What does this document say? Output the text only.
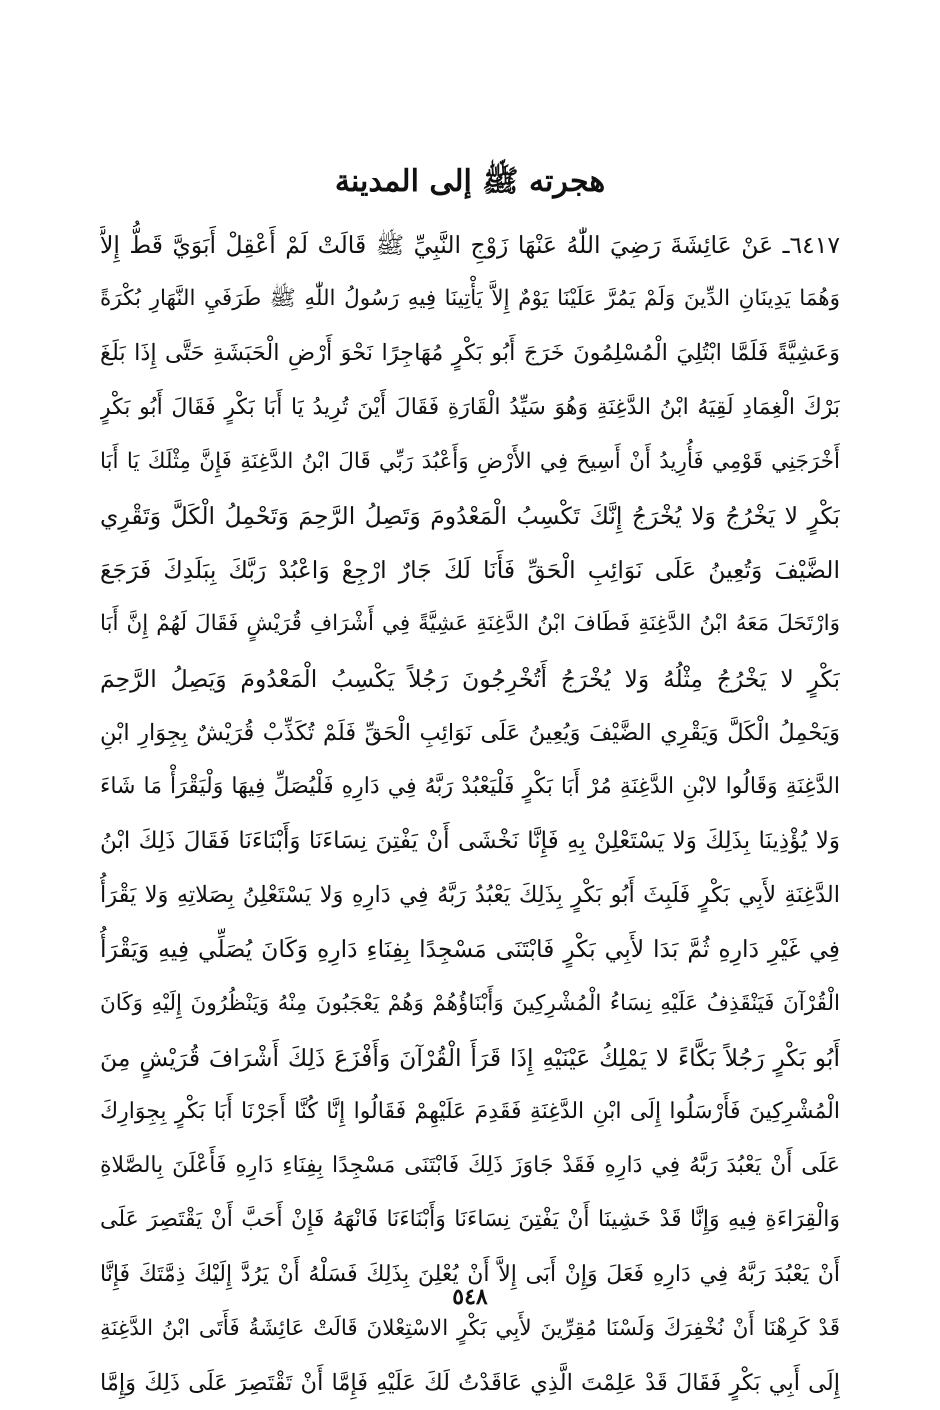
هجرته ﷺ إلى المدينة
٦٤١٧ـ عَنْ عَائِشَةَ رَضِيَ اللّٰهُ عَنْهَا زَوْجِ النَّبِيِّ ﷺ قَالَتْ لَمْ أَعْقِلْ أَبَوَيَّ قَطُّ إِلاَّ
وَهُمَا يَدِينَانِ الدِّينَ وَلَمْ يَمُرَّ عَلَيْنَا يَوْمٌ إِلاَّ يَأْتِينَا فِيهِ رَسُولُ اللّٰهِ ﷺ طَرَفَيِ النَّهَارِ بُكْرَةً
وَعَشِيَّةً فَلَمَّا ابْتُلِيَ الْمُسْلِمُونَ خَرَجَ أَبُو بَكْرٍ مُهَاجِرًا نَحْوَ أَرْضِ الْحَبَشَةِ حَتَّى إِذَا بَلَغَ
بَرْكَ الْغِمَادِ لَقِيَهُ ابْنُ الدَّغِنَةِ وَهُوَ سَيِّدُ الْقَارَةِ فَقَالَ أَيْنَ تُرِيدُ يَا أَبَا بَكْرٍ فَقَالَ أَبُو بَكْرٍ
أَخْرَجَنِي قَوْمِي فَأُرِيدُ أَنْ أَسِيحَ فِي الأَرْضِ وَأَعْبُدَ رَبِّي قَالَ ابْنُ الدَّغِنَةِ فَإِنَّ مِثْلَكَ يَا أَبَا
بَكْرٍ لا يَخْرُجُ وَلا يُخْرَجُ إِنَّكَ تَكْسِبُ الْمَعْدُومَ وَتَصِلُ الرَّحِمَ وَتَحْمِلُ الْكَلَّ وَتَقْرِي
الضَّيْفَ وَتُعِينُ عَلَى نَوَائِبِ الْحَقِّ فَأَنَا لَكَ جَارٌ ارْجِعْ وَاعْبُدْ رَبَّكَ بِبَلَدِكَ فَرَجَعَ
وَارْتَحَلَ مَعَهُ ابْنُ الدَّغِنَةِ فَطَافَ ابْنُ الدَّغِنَةِ عَشِيَّةً فِي أَشْرَافِ قُرَيْشٍ فَقَالَ لَهُمْ إِنَّ أَبَا
بَكْرٍ لا يَخْرُجُ مِثْلُهُ وَلا يُخْرَجُ أَتُخْرِجُونَ رَجُلاً يَكْسِبُ الْمَعْدُومَ وَيَصِلُ الرَّحِمَ
وَيَحْمِلُ الْكَلَّ وَيَقْرِي الضَّيْفَ وَيُعِينُ عَلَى نَوَائِبِ الْحَقِّ فَلَمْ تُكَذِّبْ قُرَيْشٌ بِجِوَارِ ابْنِ
الدَّغِنَةِ وَقَالُوا لابْنِ الدَّغِنَةِ مُرْ أَبَا بَكْرٍ فَلْيَعْبُدْ رَبَّهُ فِي دَارِهِ فَلْيُصَلِّ فِيهَا وَلْيَقْرَأْ مَا شَاءَ
وَلا يُؤْذِينَا بِذَلِكَ وَلا يَسْتَعْلِنْ بِهِ فَإِنَّا نَخْشَى أَنْ يَفْتِنَ نِسَاءَنَا وَأَبْنَاءَنَا فَقَالَ ذَلِكَ ابْنُ
الدَّغِنَةِ لأَبِي بَكْرٍ فَلَبِثَ أَبُو بَكْرٍ بِذَلِكَ يَعْبُدُ رَبَّهُ فِي دَارِهِ وَلا يَسْتَعْلِنُ بِصَلاتِهِ وَلا يَقْرَأُ
فِي غَيْرِ دَارِهِ ثُمَّ بَدَا لأَبِي بَكْرٍ فَابْتَنَى مَسْجِدًا بِفِنَاءِ دَارِهِ وَكَانَ يُصَلِّي فِيهِ وَيَقْرَأُ
الْقُرْآنَ فَيَنْقَذِفُ عَلَيْهِ نِسَاءُ الْمُشْرِكِينَ وَأَبْنَاؤُهُمْ وَهُمْ يَعْجَبُونَ مِنْهُ وَيَنْظُرُونَ إِلَيْهِ وَكَانَ
أَبُو بَكْرٍ رَجُلاً بَكَّاءً لا يَمْلِكُ عَيْنَيْهِ إِذَا قَرَأَ الْقُرْآنَ وَأَفْزَعَ ذَلِكَ أَشْرَافَ قُرَيْشٍ مِنَ
الْمُشْرِكِينَ فَأَرْسَلُوا إِلَى ابْنِ الدَّغِنَةِ فَقَدِمَ عَلَيْهِمْ فَقَالُوا إِنَّا كُنَّا أَجَرْنَا أَبَا بَكْرٍ بِجِوَارِكَ
عَلَى أَنْ يَعْبُدَ رَبَّهُ فِي دَارِهِ فَقَدْ جَاوَزَ ذَلِكَ فَابْتَنَى مَسْجِدًا بِفِنَاءِ دَارِهِ فَأَعْلَنَ بِالصَّلاةِ
وَالْقِرَاءَةِ فِيهِ وَإِنَّا قَدْ خَشِينَا أَنْ يَفْتِنَ نِسَاءَنَا وَأَبْنَاءَنَا فَانْهَهُ فَإِنْ أَحَبَّ أَنْ يَقْتَصِرَ عَلَى
أَنْ يَعْبُدَ رَبَّهُ فِي دَارِهِ فَعَلَ وَإِنْ أَبَى إِلاَّ أَنْ يُعْلِنَ بِذَلِكَ فَسَلْهُ أَنْ يَرُدَّ إِلَيْكَ ذِمَّتَكَ فَإِنَّا
قَدْ كَرِهْنَا أَنْ نُخْفِرَكَ وَلَسْنَا مُقِرِّينَ لأَبِي بَكْرٍ الاسْتِعْلانَ قَالَتْ عَائِشَةُ فَأَتَى ابْنُ الدَّغِنَةِ
إِلَى أَبِي بَكْرٍ فَقَالَ قَدْ عَلِمْتَ الَّذِي عَاقَدْتُ لَكَ عَلَيْهِ فَإِمَّا أَنْ تَقْتَصِرَ عَلَى ذَلِكَ وَإِمَّا
٥٤٨
